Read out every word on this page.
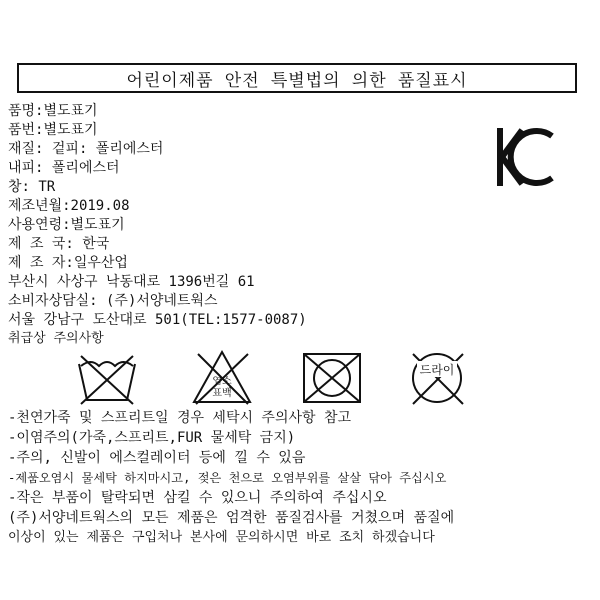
어린이제품 안전 특별법의 의한 품질표시
품명:별도표기
품번:별도표기
재질: 겉피: 폴리에스터
내피: 폴리에스터
창: TR
제조년월:2019.08
사용연령:별도표기
제 조 국: 한국
제 조 자:일우산업
부산시 사상구 낙동대로 1396번길 61
소비자상담실: (주)서양네트웍스
서울 강남구 도산대로 501(TEL:1577-0087)
취급상 주의사항
염소
표백
드라이
-천연가죽 및 스프리트일 경우 세탁시 주의사항 참고
-이염주의(가죽,스프리트,FUR 물세탁 금지)
-주의, 신발이 에스컬레이터 등에 낄 수 있음
-제품오염시 물세탁 하지마시고, 젖은 천으로 오염부위를 살살 닦아 주십시오
-작은 부품이 탈락되면 삼킬 수 있으니 주의하여 주십시오
(주)서양네트웍스의 모든 제품은 엄격한 품질검사를 거쳤으며 품질에
이상이 있는 제품은 구입처나 본사에 문의하시면 바로 조치 하겠습니다
